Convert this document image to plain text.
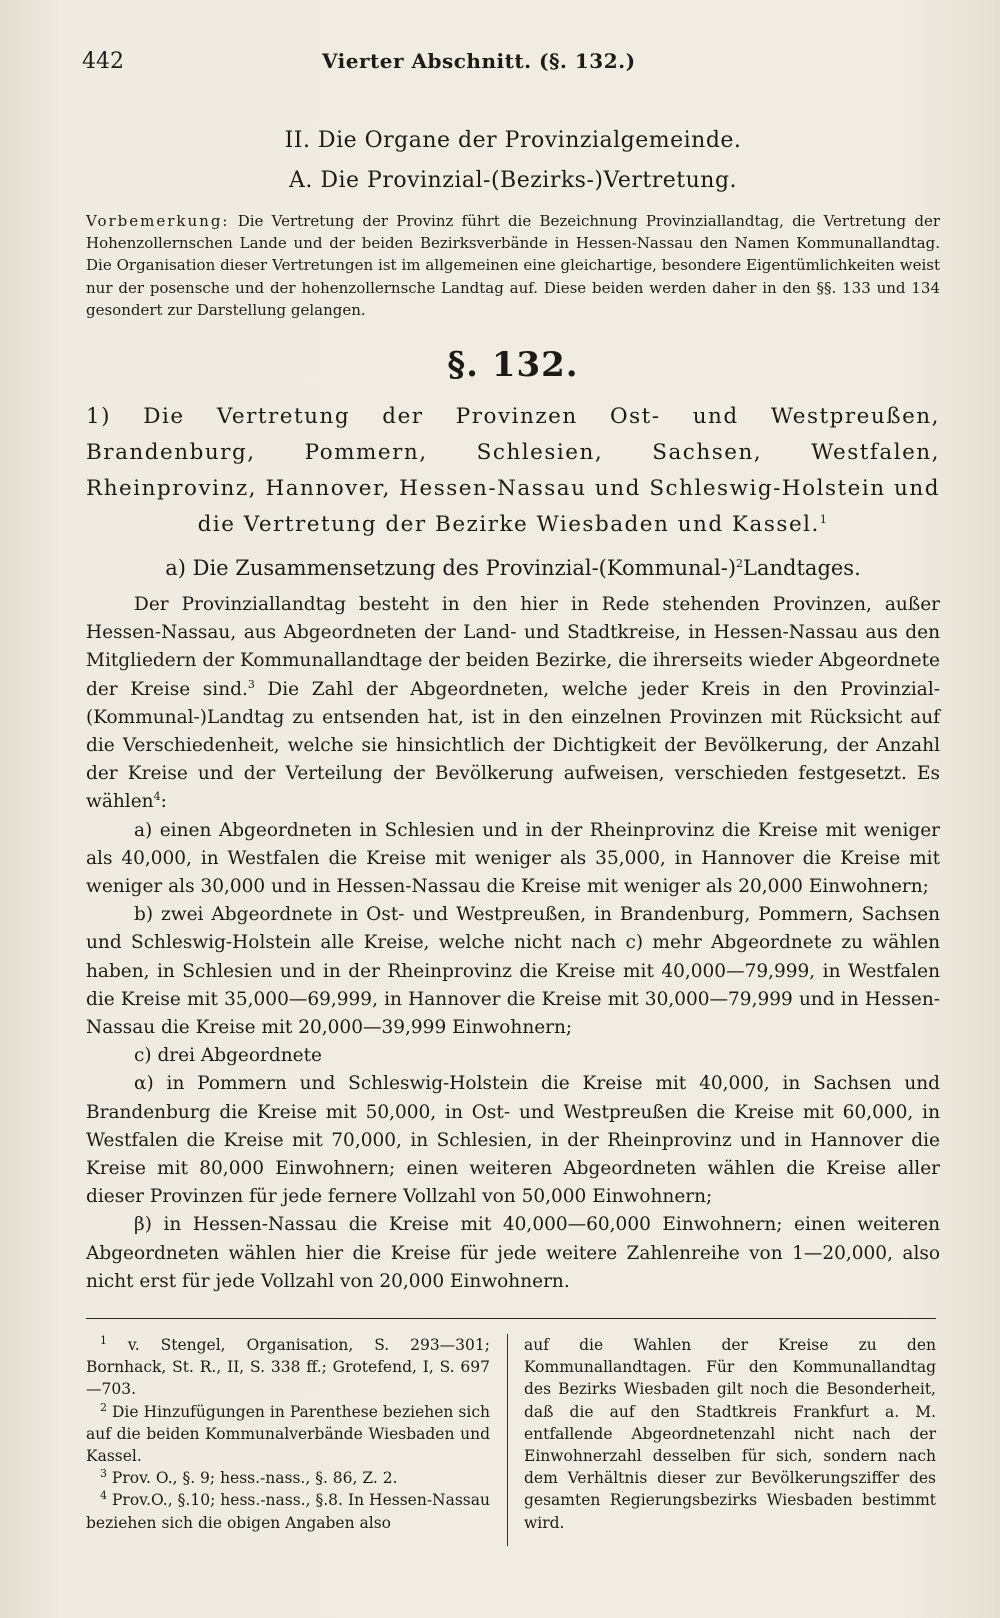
442	Vierter Abschnitt. (§. 132.)

II. Die Organe der Provinzialgemeinde.

A. Die Provinzial-(Bezirks-)Vertretung.

Vorbemerkung: Die Vertretung der Provinz führt die Bezeichnung Provinziallandtag, die Vertretung der Hohenzollernschen Lande und der beiden Bezirksverbände in Hessen-Nassau den Namen Kommunallandtag. Die Organisation dieser Vertretungen ist im allgemeinen eine gleichartige, besondere Eigentümlichkeiten weist nur der posensche und der hohenzollernsche Landtag auf. Diese beiden werden daher in den §§. 133 und 134 gesondert zur Darstellung gelangen.

§. 132.

1) Die Vertretung der Provinzen Ost- und Westpreußen, Brandenburg, Pommern, Schlesien, Sachsen, Westfalen, Rheinprovinz, Hannover, Hessen-Nassau und Schleswig-Holstein und die Vertretung der Bezirke Wiesbaden und Kassel.$^1$

a) Die Zusammensetzung des Provinzial-(Kommunal-)$^2$Landtages.

Der Provinziallandtag besteht in den hier in Rede stehenden Provinzen, außer Hessen-Nassau, aus Abgeordneten der Land- und Stadtkreise, in Hessen-Nassau aus den Mitgliedern der Kommunallandtage der beiden Bezirke, die ihrerseits wieder Abgeordnete der Kreise sind.$^3$ Die Zahl der Abgeordneten, welche jeder Kreis in den Provinzial-(Kommunal-)Landtag zu entsenden hat, ist in den einzelnen Provinzen mit Rücksicht auf die Verschiedenheit, welche sie hinsichtlich der Dichtigkeit der Bevölkerung, der Anzahl der Kreise und der Verteilung der Bevölkerung aufweisen, verschieden festgesetzt. Es wählen$^4$:

a) einen Abgeordneten in Schlesien und in der Rheinprovinz die Kreise mit weniger als 40,000, in Westfalen die Kreise mit weniger als 35,000, in Hannover die Kreise mit weniger als 30,000 und in Hessen-Nassau die Kreise mit weniger als 20,000 Einwohnern;

b) zwei Abgeordnete in Ost- und Westpreußen, in Brandenburg, Pommern, Sachsen und Schleswig-Holstein alle Kreise, welche nicht nach c) mehr Abgeordnete zu wählen haben, in Schlesien und in der Rheinprovinz die Kreise mit 40,000—79,999, in Westfalen die Kreise mit 35,000—69,999, in Hannover die Kreise mit 30,000—79,999 und in Hessen-Nassau die Kreise mit 20,000—39,999 Einwohnern;

c) drei Abgeordnete

α) in Pommern und Schleswig-Holstein die Kreise mit 40,000, in Sachsen und Brandenburg die Kreise mit 50,000, in Ost- und Westpreußen die Kreise mit 60,000, in Westfalen die Kreise mit 70,000, in Schlesien, in der Rheinprovinz und in Hannover die Kreise mit 80,000 Einwohnern; einen weiteren Abgeordneten wählen die Kreise aller dieser Provinzen für jede fernere Vollzahl von 50,000 Einwohnern;

β) in Hessen-Nassau die Kreise mit 40,000—60,000 Einwohnern; einen weiteren Abgeordneten wählen hier die Kreise für jede weitere Zahlenreihe von 1—20,000, also nicht erst für jede Vollzahl von 20,000 Einwohnern.

$^1$ v. Stengel, Organisation, S. 293—301; Bornhack, St. R., II, S. 338 ff.; Grotefend, I, S. 697—703.

$^2$ Die Hinzufügungen in Parenthese beziehen sich auf die beiden Kommunalverbände Wiesbaden und Kassel.

$^3$ Prov. O., §. 9; hess.-nass., §. 86, Z. 2.

$^4$ Prov.O., §.10; hess.-nass., §.8. In Hessen-Nassau beziehen sich die obigen Angaben also

auf die Wahlen der Kreise zu den Kommunallandtagen. Für den Kommunallandtag des Bezirks Wiesbaden gilt noch die Besonderheit, daß die auf den Stadtkreis Frankfurt a. M. entfallende Abgeordnetenzahl nicht nach der Einwohnerzahl desselben für sich, sondern nach dem Verhältnis dieser zur Bevölkerungsziffer des gesamten Regierungsbezirks Wiesbaden bestimmt wird.
